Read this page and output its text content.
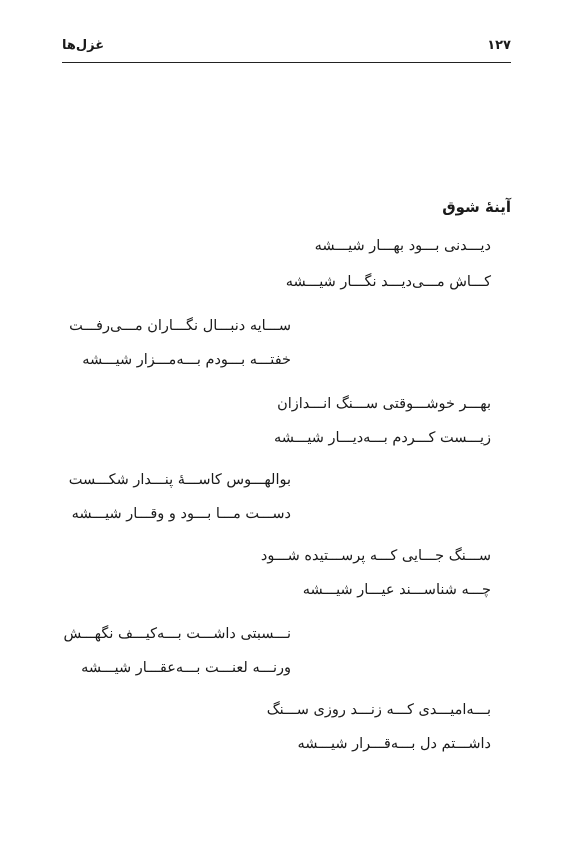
۱۲۷
غزل‌ها
آینهٔ شوق
دیـــدنی بـــود بهـــار شیـــشه
کـــاش مـــی‌دیـــد نگـــار شیـــشه
ســـایه دنبـــال نگـــاران مـــی‌رفـــت
خفتـــه بـــودم بـــه‌مـــزار شیـــشه
بهـــر خوشـــوقتی ســـنگ انـــدازان
زیـــست کـــردم بـــه‌دیـــار شیـــشه
بوالهـــوس کاســـهٔ پنـــدار شکـــست
دســـت مـــا بـــود و وقـــار شیـــشه
ســـنگ جـــایی کـــه پرســـتیده شـــود
چـــه شناســـند عیـــار شیـــشه
نـــسبتی داشـــت بـــه‌کیـــف نگهـــش
ورنـــه لعنـــت بـــه‌عقـــار شیـــشه
بـــه‌امیـــدی کـــه زنـــد روزی ســـنگ
داشـــتم دل بـــه‌قـــرار شیـــشه
